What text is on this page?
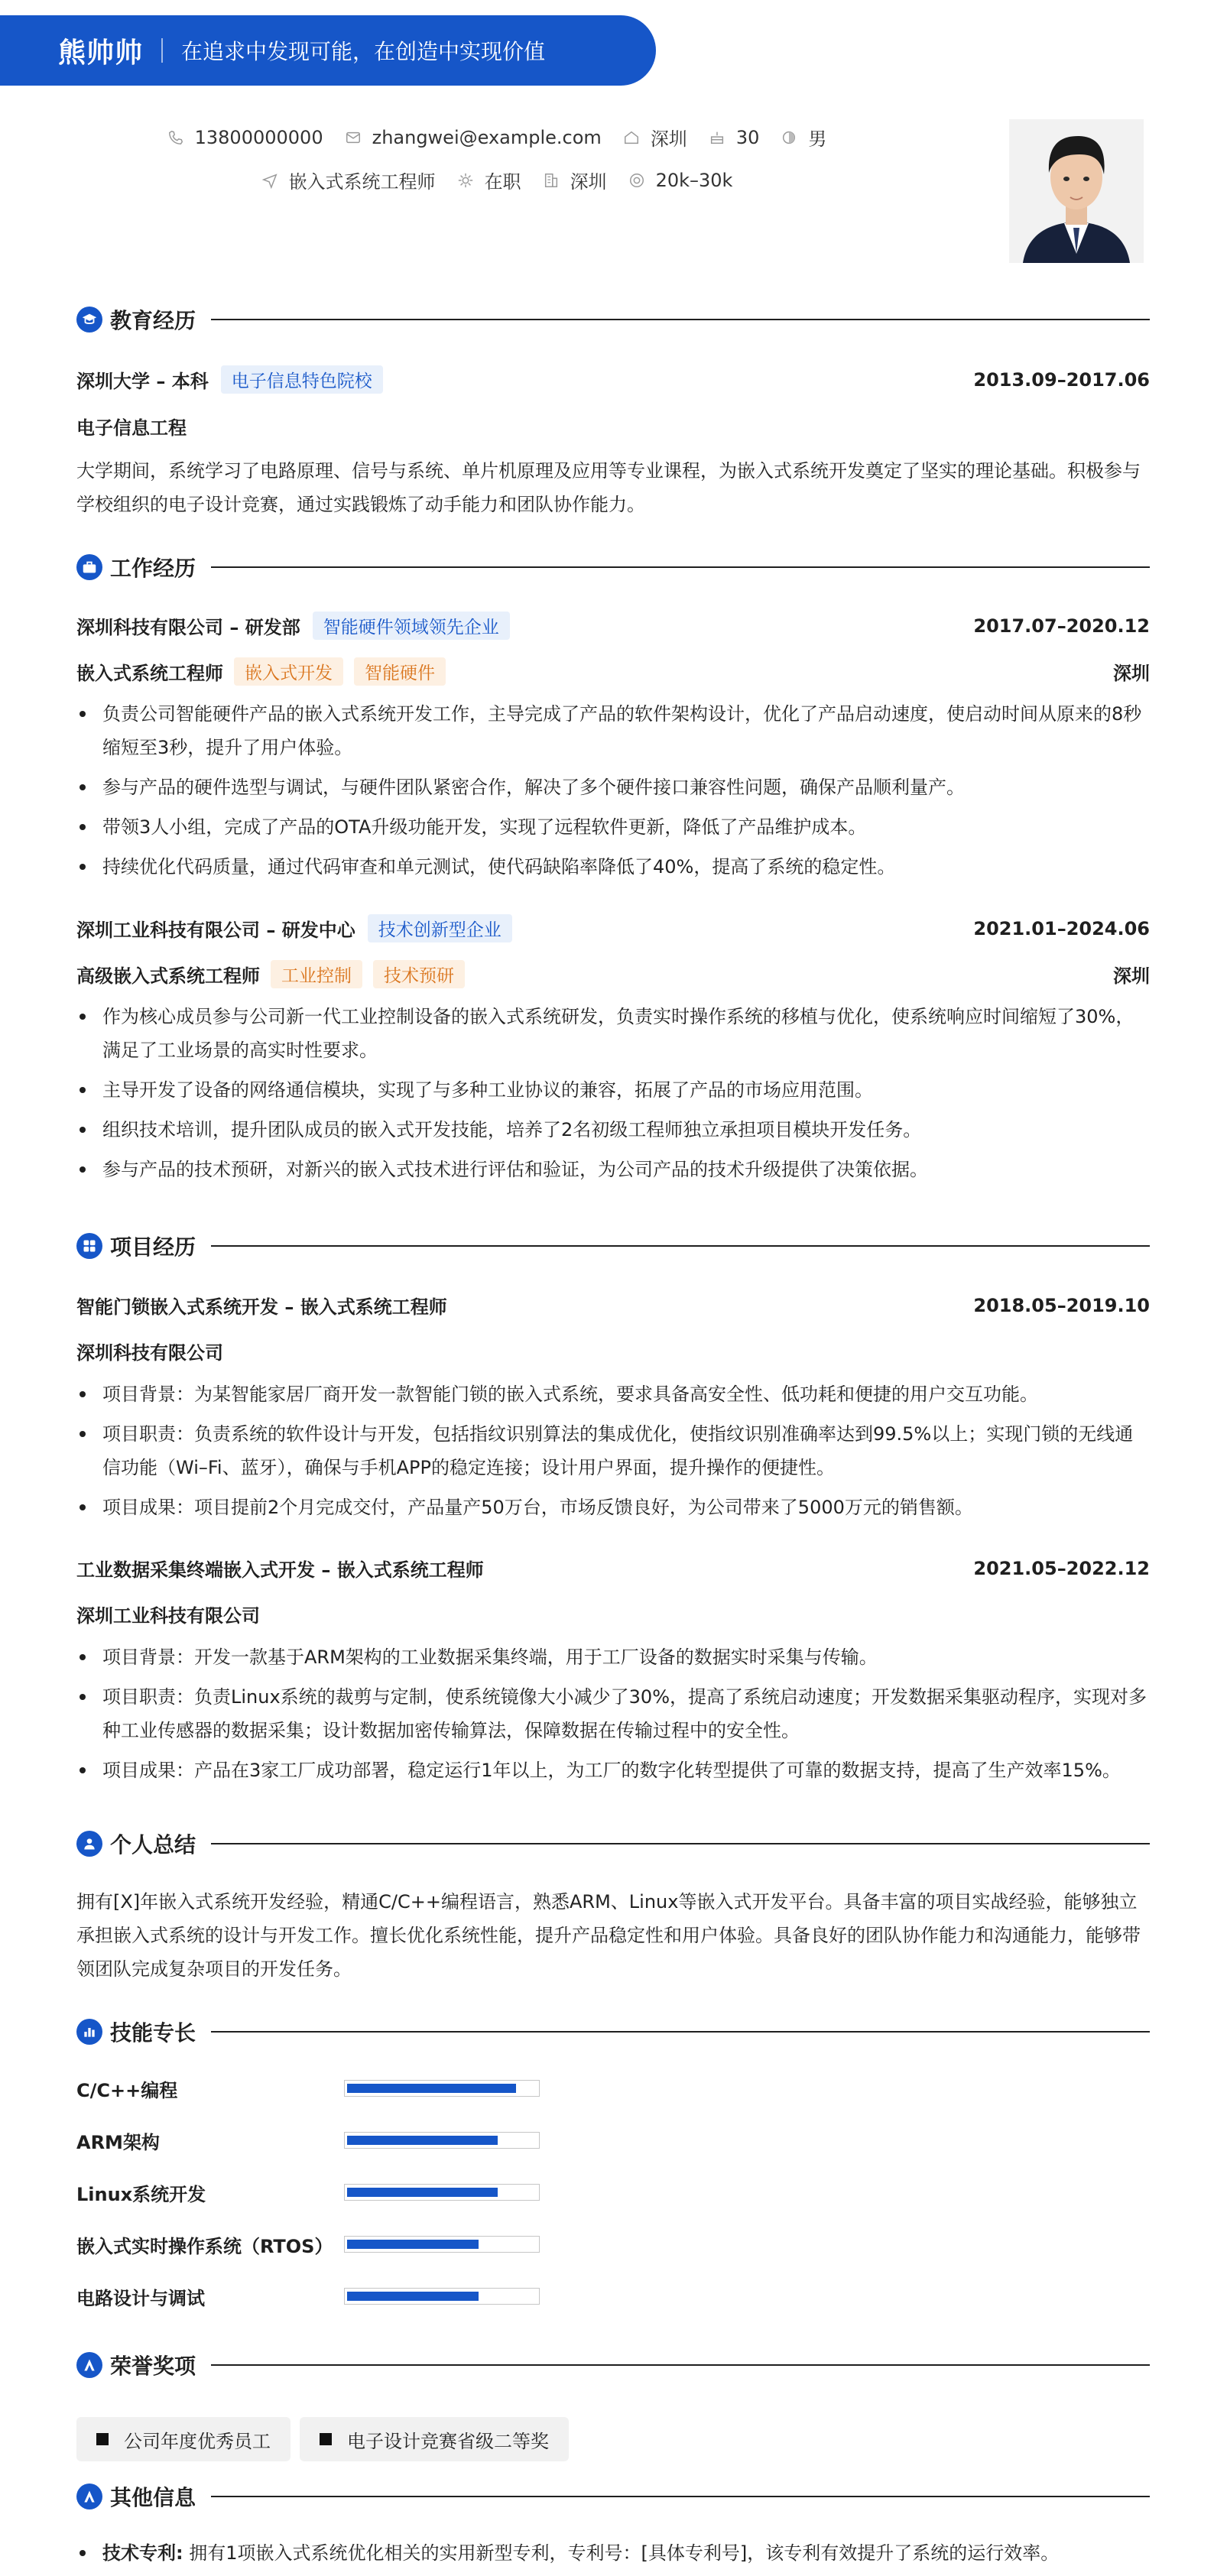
熊帅帅 在追求中发现可能，在创造中实现价值
13800000000	zhangwei@example.com	深圳	30	男
嵌入式系统工程师	在职	深圳	20k–30k
教育经历
深圳大学 – 本科	电子信息特色院校	2013.09–2017.06
电子信息工程
大学期间，系统学习了电路原理、信号与系统、单片机原理及应用等专业课程，为嵌入式系统开发奠定了坚实的理论基础。积极参与学校组织的电子设计竞赛，通过实践锻炼了动手能力和团队协作能力。
工作经历
深圳科技有限公司 – 研发部	智能硬件领域领先企业	2017.07–2020.12
嵌入式系统工程师	嵌入式开发	智能硬件	深圳
负责公司智能硬件产品的嵌入式系统开发工作，主导完成了产品的软件架构设计，优化了产品启动速度，使启动时间从原来的8秒缩短至3秒，提升了用户体验。
参与产品的硬件选型与调试，与硬件团队紧密合作，解决了多个硬件接口兼容性问题，确保产品顺利量产。
带领3人小组，完成了产品的OTA升级功能开发，实现了远程软件更新，降低了产品维护成本。
持续优化代码质量，通过代码审查和单元测试，使代码缺陷率降低了40%，提高了系统的稳定性。
深圳工业科技有限公司 – 研发中心	技术创新型企业	2021.01–2024.06
高级嵌入式系统工程师	工业控制	技术预研	深圳
作为核心成员参与公司新一代工业控制设备的嵌入式系统研发，负责实时操作系统的移植与优化，使系统响应时间缩短了30%，满足了工业场景的高实时性要求。
主导开发了设备的网络通信模块，实现了与多种工业协议的兼容，拓展了产品的市场应用范围。
组织技术培训，提升团队成员的嵌入式开发技能，培养了2名初级工程师独立承担项目模块开发任务。
参与产品的技术预研，对新兴的嵌入式技术进行评估和验证，为公司产品的技术升级提供了决策依据。
项目经历
智能门锁嵌入式系统开发 – 嵌入式系统工程师	2018.05–2019.10
深圳科技有限公司
项目背景：为某智能家居厂商开发一款智能门锁的嵌入式系统，要求具备高安全性、低功耗和便捷的用户交互功能。
项目职责：负责系统的软件设计与开发，包括指纹识别算法的集成优化，使指纹识别准确率达到99.5%以上；实现门锁的无线通信功能（Wi–Fi、蓝牙），确保与手机APP的稳定连接；设计用户界面，提升操作的便捷性。
项目成果：项目提前2个月完成交付，产品量产50万台，市场反馈良好，为公司带来了5000万元的销售额。
工业数据采集终端嵌入式开发 – 嵌入式系统工程师	2021.05–2022.12
深圳工业科技有限公司
项目背景：开发一款基于ARM架构的工业数据采集终端，用于工厂设备的数据实时采集与传输。
项目职责：负责Linux系统的裁剪与定制，使系统镜像大小减少了30%，提高了系统启动速度；开发数据采集驱动程序，实现对多种工业传感器的数据采集；设计数据加密传输算法，保障数据在传输过程中的安全性。
项目成果：产品在3家工厂成功部署，稳定运行1年以上，为工厂的数字化转型提供了可靠的数据支持，提高了生产效率15%。
个人总结
拥有[X]年嵌入式系统开发经验，精通C/C++编程语言，熟悉ARM、Linux等嵌入式开发平台。具备丰富的项目实战经验，能够独立承担嵌入式系统的设计与开发工作。擅长优化系统性能，提升产品稳定性和用户体验。具备良好的团队协作能力和沟通能力，能够带领团队完成复杂项目的开发任务。
技能专长
C/C++编程
ARM架构
Linux系统开发
嵌入式实时操作系统（RTOS）
电路设计与调试
荣誉奖项
公司年度优秀员工	电子设计竞赛省级二等奖
其他信息
技术专利: 拥有1项嵌入式系统优化相关的实用新型专利，专利号：[具体专利号]，该专利有效提升了系统的运行效率。
